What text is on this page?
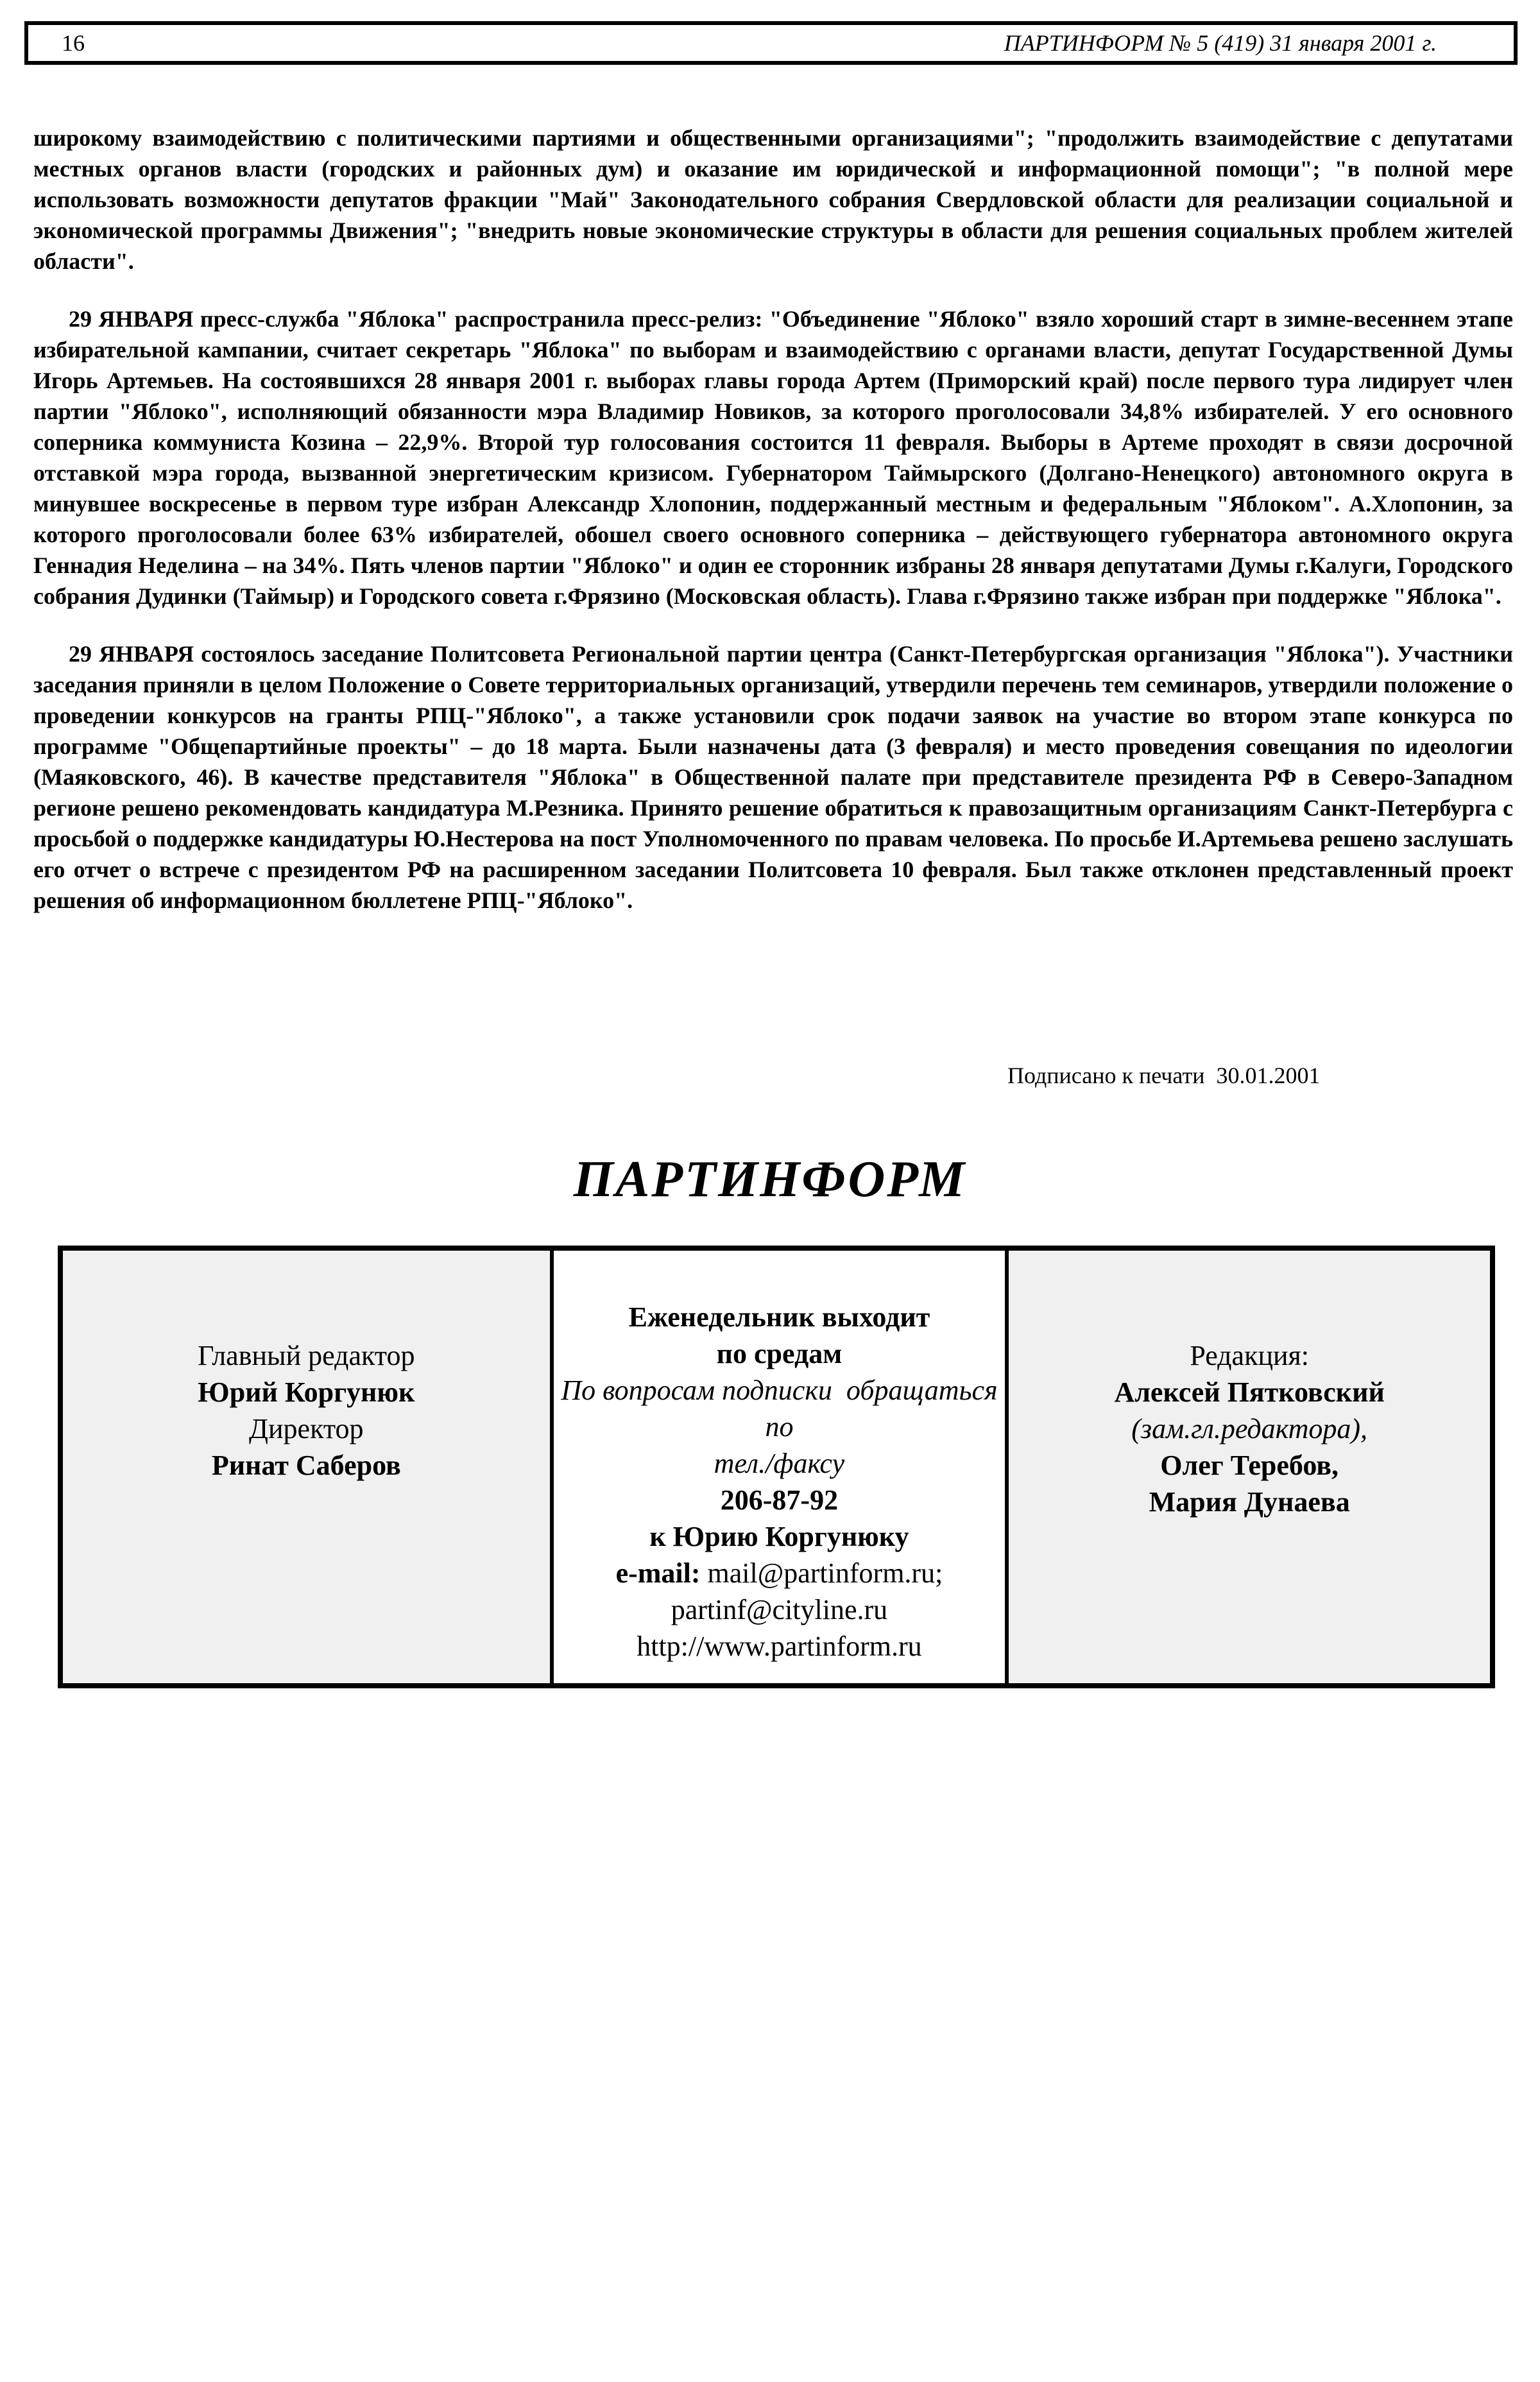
16	ПАРТИНФОРМ № 5 (419) 31 января 2001 г.

широкому взаимодействию с политическими партиями и общественными организациями"; "продолжить взаимодействие с депутатами местных органов власти (городских и районных дум) и оказание им юридической и информационной помощи"; "в полной мере использовать возможности депутатов фракции "Май" Законодательного собрания Свердловской области для реализации социальной и экономической программы Движения"; "внедрить новые экономические структуры в области для решения социальных проблем жителей области".

29 ЯНВАРЯ пресс-служба "Яблока" распространила пресс-релиз: "Объединение "Яблоко" взяло хороший старт в зимне-весеннем этапе избирательной кампании, считает секретарь "Яблока" по выборам и взаимодействию с органами власти, депутат Государственной Думы Игорь Артемьев. На состоявшихся 28 января 2001 г. выборах главы города Артем (Приморский край) после первого тура лидирует член партии "Яблоко", исполняющий обязанности мэра Владимир Новиков, за которого проголосовали 34,8% избирателей. У его основного соперника коммуниста Козина – 22,9%. Второй тур голосования состоится 11 февраля. Выборы в Артеме проходят в связи досрочной отставкой мэра города, вызванной энергетическим кризисом. Губернатором Таймырского (Долгано-Ненецкого) автономного округа в минувшее воскресенье в первом туре избран Александр Хлопонин, поддержанный местным и федеральным "Яблоком". А.Хлопонин, за которого проголосовали более 63% избирателей, обошел своего основного соперника – действующего губернатора автономного округа Геннадия Неделина – на 34%. Пять членов партии "Яблоко" и один ее сторонник избраны 28 января депутатами Думы г.Калуги, Городского собрания Дудинки (Таймыр) и Городского совета г.Фрязино (Московская область). Глава г.Фрязино также избран при поддержке "Яблока".

29 ЯНВАРЯ состоялось заседание Политсовета Региональной партии центра (Санкт-Петербургская организация "Яблока"). Участники заседания приняли в целом Положение о Совете территориальных организаций, утвердили перечень тем семинаров, утвердили положение о проведении конкурсов на гранты РПЦ-"Яблоко", а также установили срок подачи заявок на участие во втором этапе конкурса по программе "Общепартийные проекты" – до 18 марта. Были назначены дата (3 февраля) и место проведения совещания по идеологии (Маяковского, 46). В качестве представителя "Яблока" в Общественной палате при представителе президента РФ в Северо-Западном регионе решено рекомендовать кандидатура М.Резника. Принято решение обратиться к правозащитным организациям Санкт-Петербурга с просьбой о поддержке кандидатуры Ю.Нестерова на пост Уполномоченного по правам человека. По просьбе И.Артемьева решено заслушать его отчет о встрече с президентом РФ на расширенном заседании Политсовета 10 февраля. Был также отклонен представленный проект решения об информационном бюллетене РПЦ-"Яблоко".

Подписано к печати  30.01.2001
ПАРТИНФОРМ
Главный редактор
Юрий Коргунюк
Директор
Ринат Саберов

Еженедельник выходит
по средам
По вопросам подписки  обращаться
по
тел./факсу
206-87-92
к Юрию Коргунюку
e-mail: mail@partinform.ru;
partinf@cityline.ru
http://www.partinform.ru

Редакция:
Алексей Пятковский
(зам.гл.редактора),
Олег Теребов,
Мария Дунаева
